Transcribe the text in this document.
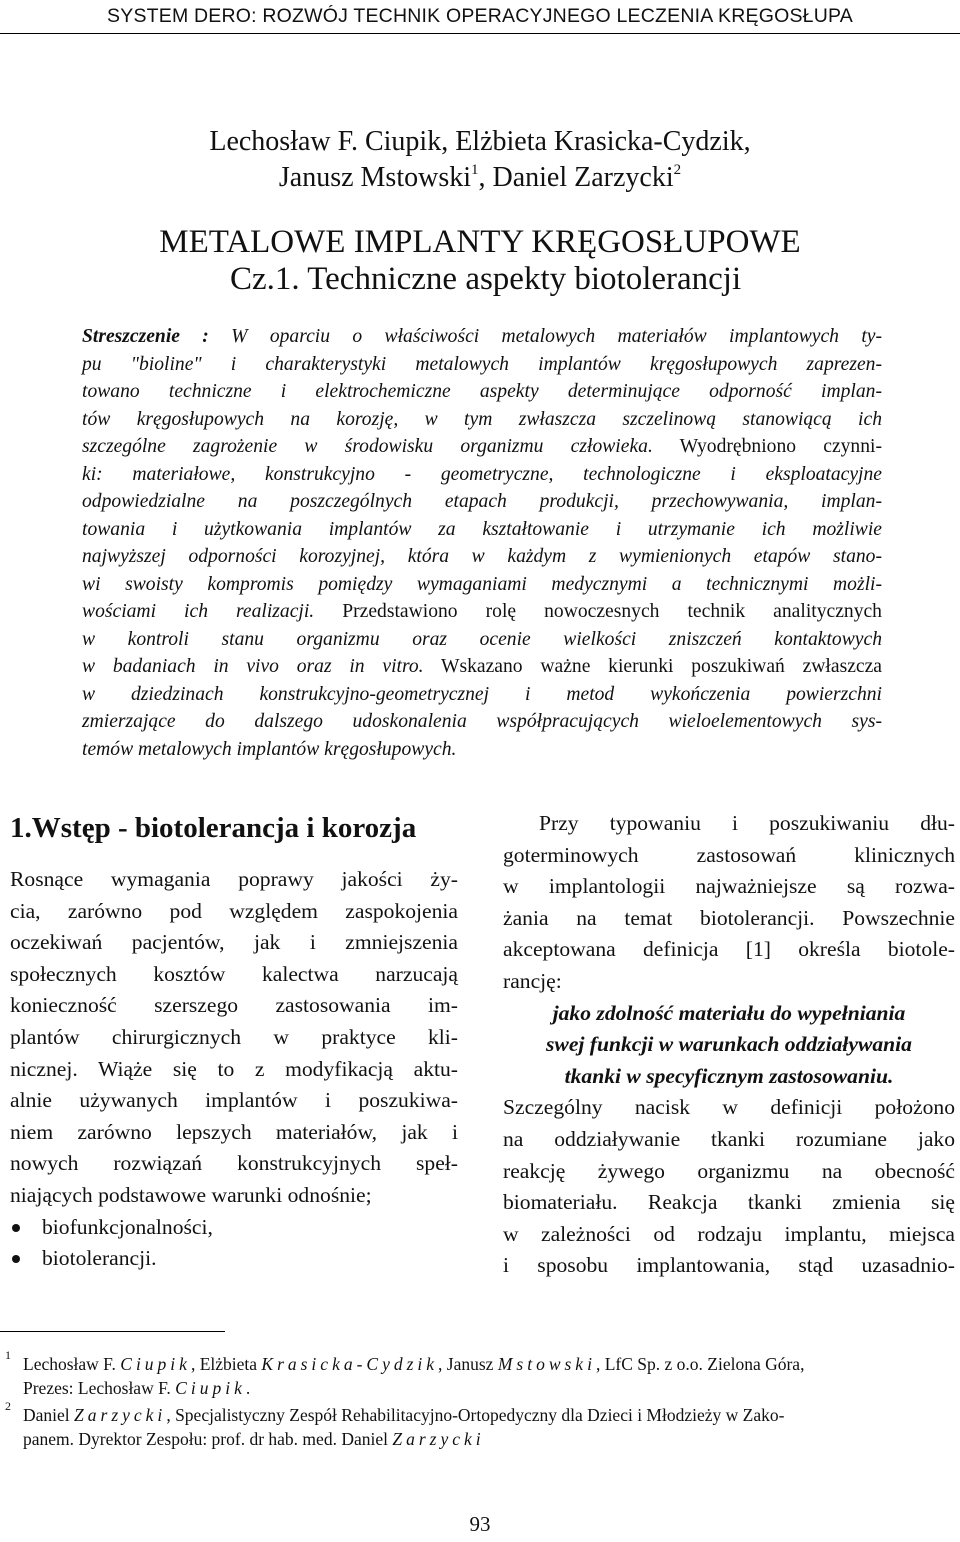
SYSTEM DERO: ROZWÓJ TECHNIK OPERACYJNEGO LECZENIA KRĘGOSŁUPA
Lechosław F. Ciupik, Elżbieta Krasicka-Cydzik,
Janusz Mstowski$^1$, Daniel Zarzycki$^2$
METALOWE IMPLANTY KRĘGOSŁUPOWE
Cz.1. Techniczne aspekty biotolerancji
Streszczenie : W oparciu o właściwości metalowych materiałów implantowych ty-
pu "bioline" i charakterystyki metalowych implantów kręgosłupowych zaprezen-
towano techniczne i elektrochemiczne aspekty determinujące odporność implan-
tów kręgosłupowych na korozję, w tym zwłaszcza szczelinową stanowiącą ich
szczególne zagrożenie w środowisku organizmu człowieka. Wyodrębniono czynni-
ki: materiałowe, konstrukcyjno - geometryczne, technologiczne i eksploatacyjne
odpowiedzialne na poszczególnych etapach produkcji, przechowywania, implan-
towania i użytkowania implantów za kształtowanie i utrzymanie ich możliwie
najwyższej odporności korozyjnej, która w każdym z wymienionych etapów stano-
wi swoisty kompromis pomiędzy wymaganiami medycznymi a technicznymi możli-
wościami ich realizacji. Przedstawiono rolę nowoczesnych technik analitycznych
w kontroli stanu organizmu oraz ocenie wielkości zniszczeń kontaktowych
w badaniach in vivo oraz in vitro. Wskazano ważne kierunki poszukiwań zwłaszcza
w dziedzinach konstrukcyjno-geometrycznej i metod wykończenia powierzchni
zmierzające do dalszego udoskonalenia współpracujących wieloelementowych sys-
temów metalowych implantów kręgosłupowych.
1.Wstęp - biotolerancja i korozja
Rosnące wymagania poprawy jakości ży-
cia, zarówno pod względem zaspokojenia
oczekiwań pacjentów, jak i zmniejszenia
społecznych kosztów kalectwa narzucają
konieczność szerszego zastosowania im-
plantów chirurgicznych w praktyce kli-
nicznej. Wiąże się to z modyfikacją aktu-
alnie używanych implantów i poszukiwa-
niem zarówno lepszych materiałów, jak i
nowych rozwiązań konstrukcyjnych speł-
niających podstawowe warunki odnośnie;
biofunkcjonalności,
biotolerancji.
Przy typowaniu i poszukiwaniu dłu-
goterminowych zastosowań klinicznych
w implantologii najważniejsze są rozwa-
żania na temat biotolerancji. Powszechnie
akceptowana definicja [1] określa biotole-
rancję:
jako zdolność materiału do wypełniania
swej funkcji w warunkach oddziaływania
tkanki w specyficznym zastosowaniu.
Szczególny nacisk w definicji położono
na oddziaływanie tkanki rozumiane jako
reakcję żywego organizmu na obecność
biomateriału. Reakcja tkanki zmienia się
w zależności od rodzaju implantu, miejsca
i sposobu implantowania, stąd uzasadnio-
1 Lechosław F. Ciupik, Elżbieta Krasicka-Cydzik, Janusz Mstowski, LfC Sp. z o.o. Zielona Góra,
Prezes: Lechosław F. Ciupik.
2 Daniel Zarzycki, Specjalistyczny Zespół Rehabilitacyjno-Ortopedyczny dla Dzieci i Młodzieży w Zako-
panem. Dyrektor Zespołu: prof. dr hab. med. Daniel Zarzycki
93
